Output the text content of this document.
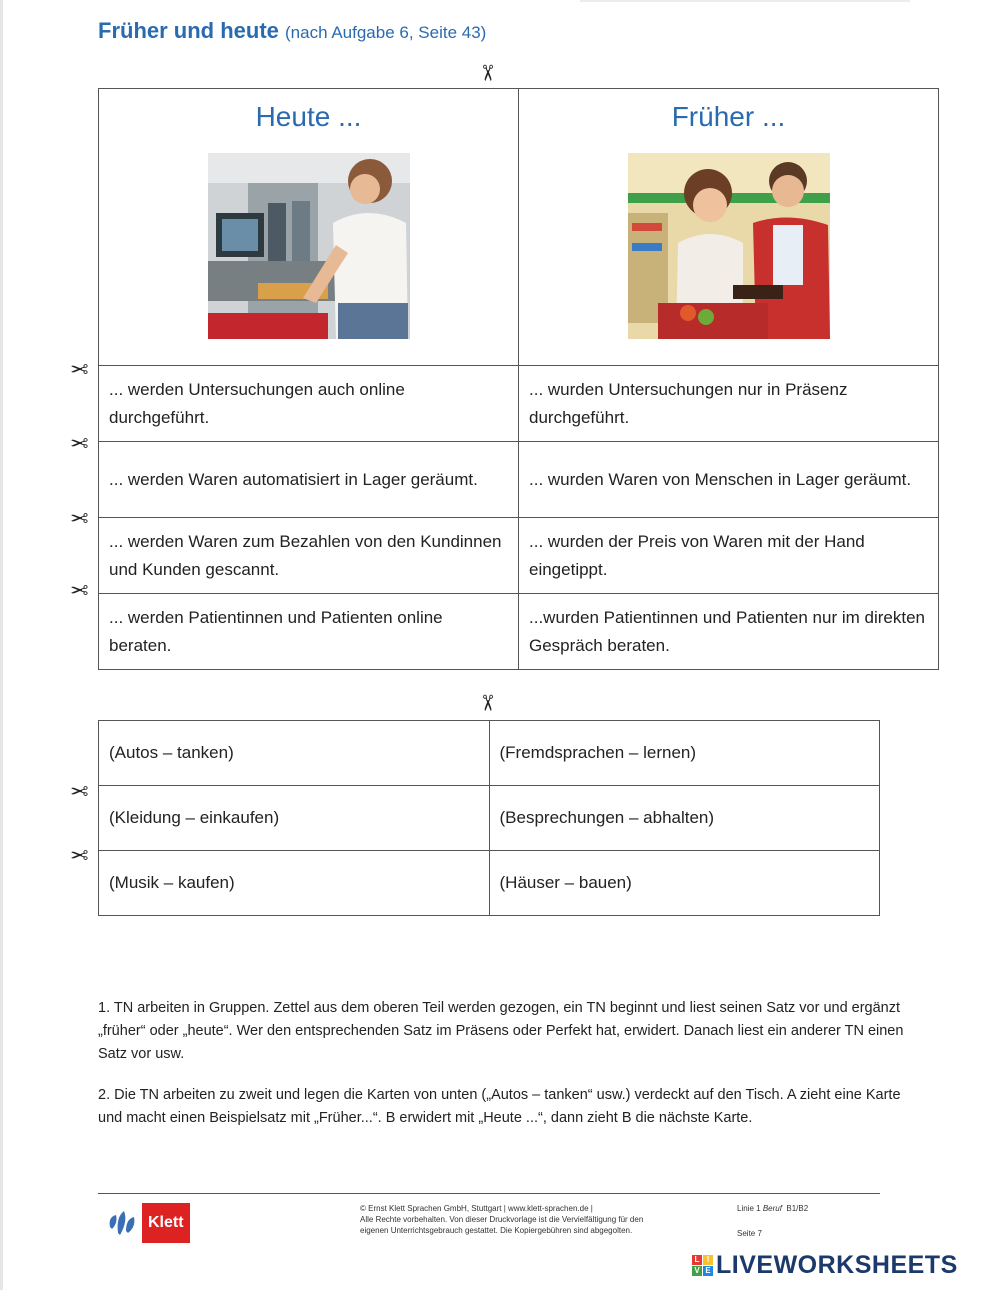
Früher und heute (nach Aufgabe 6, Seite 43)
✂
✂
✂
✂
✂
✂
✂
✂
Heute ...	Früher ...

... werden Untersuchungen auch online durchgeführt.	... wurden Untersuchungen nur in Präsenz durchgeführt.
... werden Waren automatisiert in Lager geräumt.	... wurden Waren von Menschen in Lager geräumt.
... werden Waren zum Bezahlen von den Kundinnen und Kunden gescannt.	... wurden der Preis von Waren mit der Hand eingetippt.
... werden Patientinnen und Patienten online beraten.	...wurden Patientinnen und Patienten nur im direkten Gespräch beraten.
(Autos – tanken)	(Fremdsprachen – lernen)
(Kleidung – einkaufen)	(Besprechungen – abhalten)
(Musik – kaufen)	(Häuser – bauen)
1. TN arbeiten in Gruppen. Zettel aus dem oberen Teil werden gezogen, ein TN beginnt und liest seinen Satz vor und ergänzt „früher“ oder „heute“. Wer den entsprechenden Satz im Präsens oder Perfekt hat, erwidert. Danach liest ein anderer TN einen Satz vor usw.
2. Die TN arbeiten zu zweit und legen die Karten von unten („Autos – tanken“ usw.) verdeckt auf den Tisch. A zieht eine Karte und macht einen Beispielsatz mit „Früher...“. B erwidert mit „Heute ...“, dann zieht B die nächste Karte.
Klett
© Ernst Klett Sprachen GmbH, Stuttgart | www.klett-sprachen.de |
Alle Rechte vorbehalten. Von dieser Druckvorlage ist die Vervielfältigung für den
eigenen Unterrichtsgebrauch gestattet. Die Kopiergebühren sind abgegolten.
Linie 1 Beruf B1/B2
Seite 7
L I
V E LIVEWORKSHEETS
